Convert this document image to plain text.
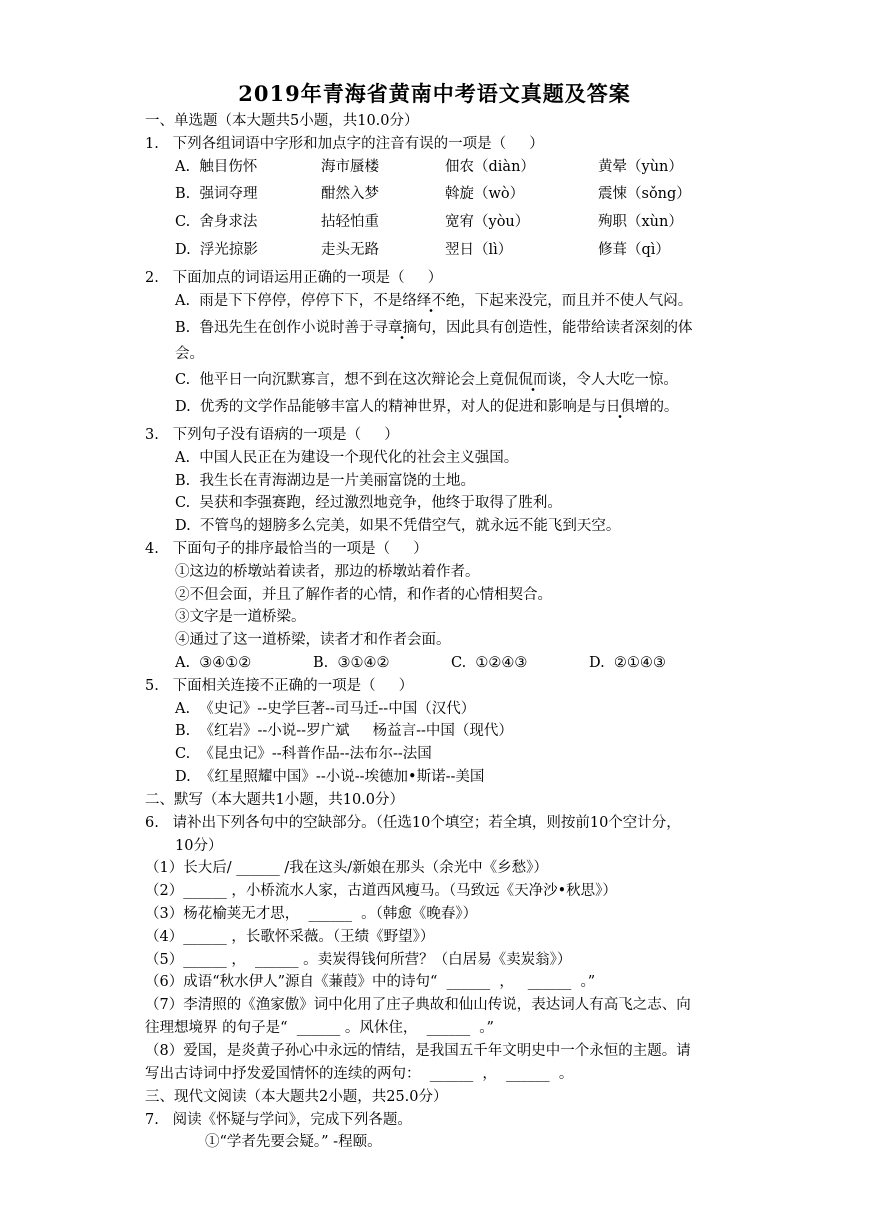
2019年青海省黄南中考语文真题及答案
一、单选题（本大题共5小题，共10.0分）
1.   下列各组词语中字形和加点字的注音有误的一项是（     ）
A.  触目伤怀	海市蜃楼	佃农（diàn）	黄晕（yùn）
B.  强词夺理	酣然入梦	斡旋（wò）	震悚（sǒng）
C.  舍身求法	拈轻怕重	宽宥（yòu）	殉职（xùn）
D.  浮光掠影	走头无路	翌日（lì）	修葺（qì）
2.   下面加点的词语运用正确的一项是（     ）
A.  雨是下下停停，停停下下，不是络绎不绝，下起来没完，而且并不使人气闷。
B.  鲁迅先生在创作小说时善于寻章摘句，因此具有创造性，能带给读者深刻的体
会。
C.  他平日一向沉默寡言，想不到在这次辩论会上竟侃侃而谈，令人大吃一惊。
D.  优秀的文学作品能够丰富人的精神世界，对人的促进和影响是与日俱增的。
3.   下列句子没有语病的一项是（     ）
A.  中国人民正在为建设一个现代化的社会主义强国。
B.  我生长在青海湖边是一片美丽富饶的土地。
C.  吴获和李强赛跑，经过激烈地竞争，他终于取得了胜利。
D.  不管鸟的翅膀多么完美，如果不凭借空气，就永远不能飞到天空。
4.   下面句子的排序最恰当的一项是（     ）
①这边的桥墩站着读者，那边的桥墩站着作者。
②不但会面，并且了解作者的心情，和作者的心情相契合。
③文字是一道桥梁。
④通过了这一道桥梁，读者才和作者会面。
A.  ③④①②	B.  ③①④②	C.  ①②④③	D.  ②①④③
5.   下面相关连接不正确的一项是（     ）
A.  《史记》--史学巨著--司马迁--中国（汉代）
B.  《红岩》--小说--罗广斌     杨益言--中国（现代）
C.  《昆虫记》--科普作品--法布尔--法国
D.  《红星照耀中国》--小说--埃德加•斯诺--美国
二、默写（本大题共1小题，共10.0分）
6.   请补出下列各句中的空缺部分。（任选10个填空；若全填，则按前10个空计分，
10分）
（1）长大后/ ______ /我在这头/新娘在那头（余光中《乡愁》）
（2）______ ，小桥流水人家，古道西风瘦马。（马致远《天净沙•秋思》）
（3）杨花榆荚无才思，  ______  。（韩愈《晚春》）
（4）______ ，长歌怀采薇。（王绩《野望》）
（5）______ ，  ______ 。卖炭得钱何所营？（白居易《卖炭翁》）
（6）成语“秋水伊人”源自《蒹葭》中的诗句“  ______  ，   ______  。”
（7）李清照的《渔家傲》词中化用了庄子典故和仙山传说，表达词人有高飞之志、向
往理想境界 的句子是“  ______ 。风休住，  ______  。”
（8）爱国，是炎黄子孙心中永远的情结，是我国五千年文明史中一个永恒的主题。请
写出古诗词中抒发爱国情怀的连续的两句：  ______  ，  ______  。
三、现代文阅读（本大题共2小题，共25.0分）
7.   阅读《怀疑与学问》，完成下列各题。
①“学者先要会疑。” -程颐。
